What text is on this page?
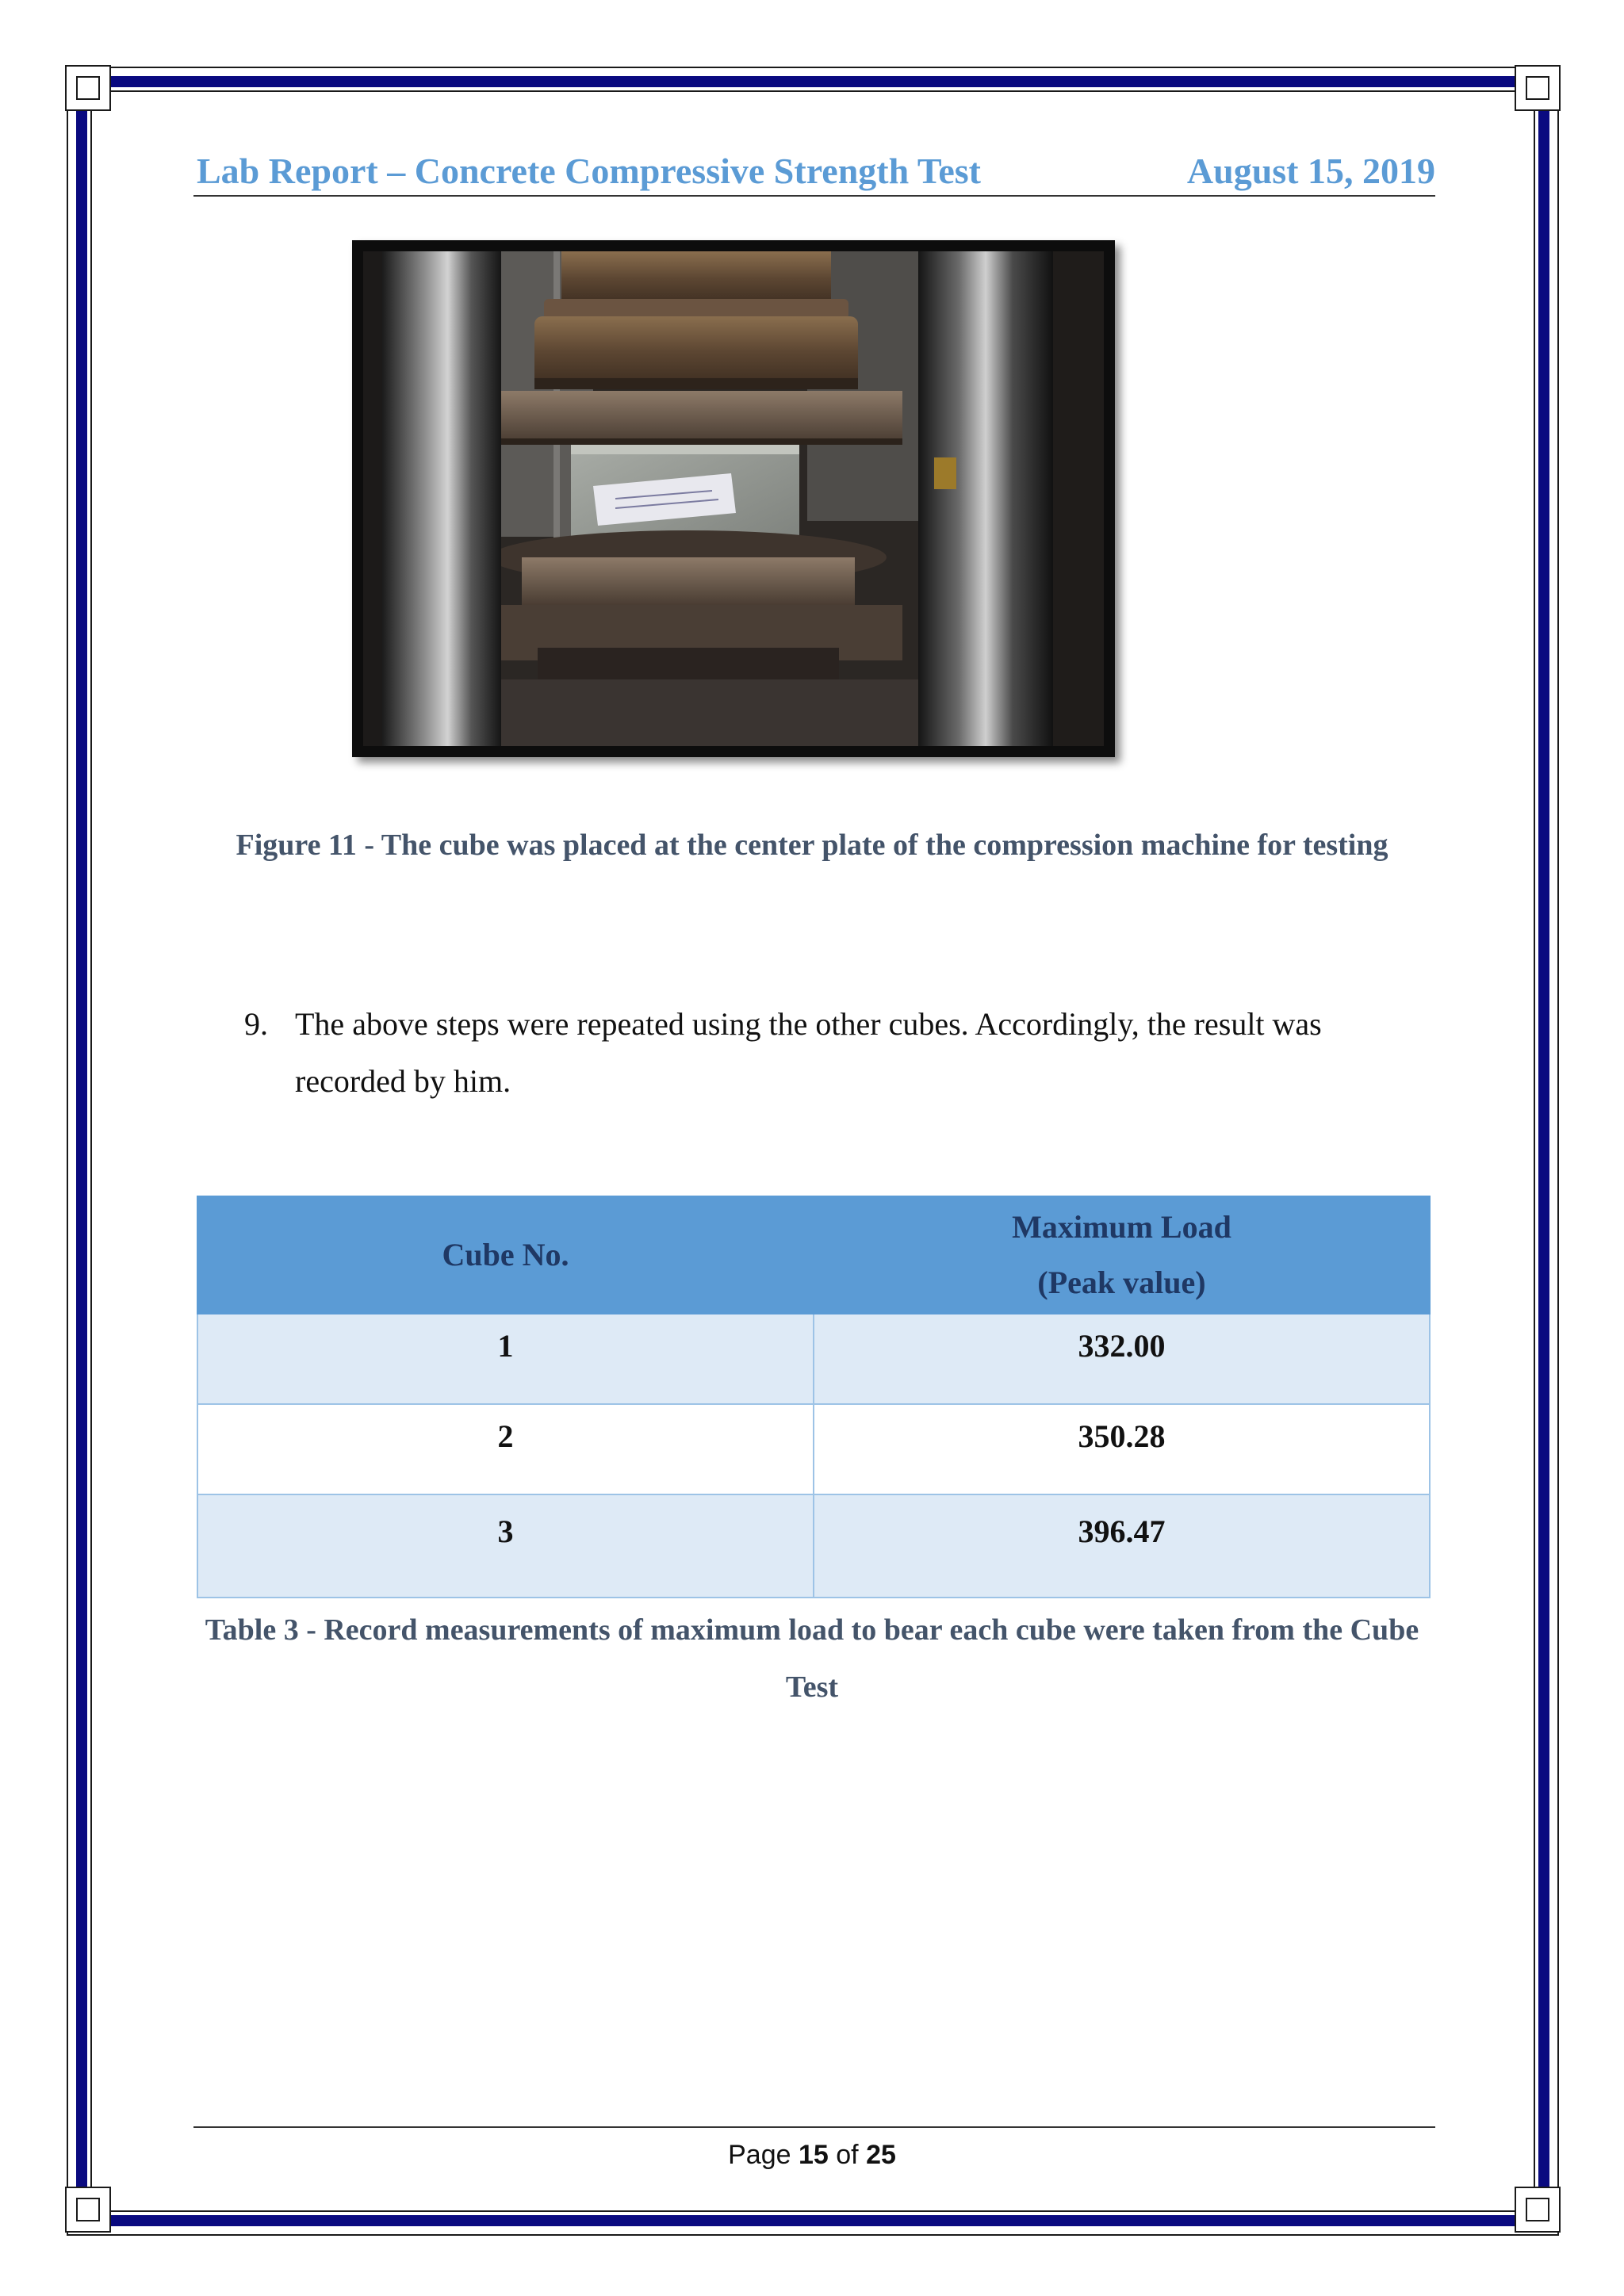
Lab Report – Concrete Compressive Strength Test	August 15, 2019
Figure 11 - The cube was placed at the center plate of the compression machine for testing
9. The above steps were repeated using the other cubes. Accordingly, the result was recorded by him.
Cube No.	Maximum Load
(Peak value)
1	332.00
2	350.28
3	396.47
Table 3 - Record measurements of maximum load to bear each cube were taken from the Cube Test
Page 15 of 25
